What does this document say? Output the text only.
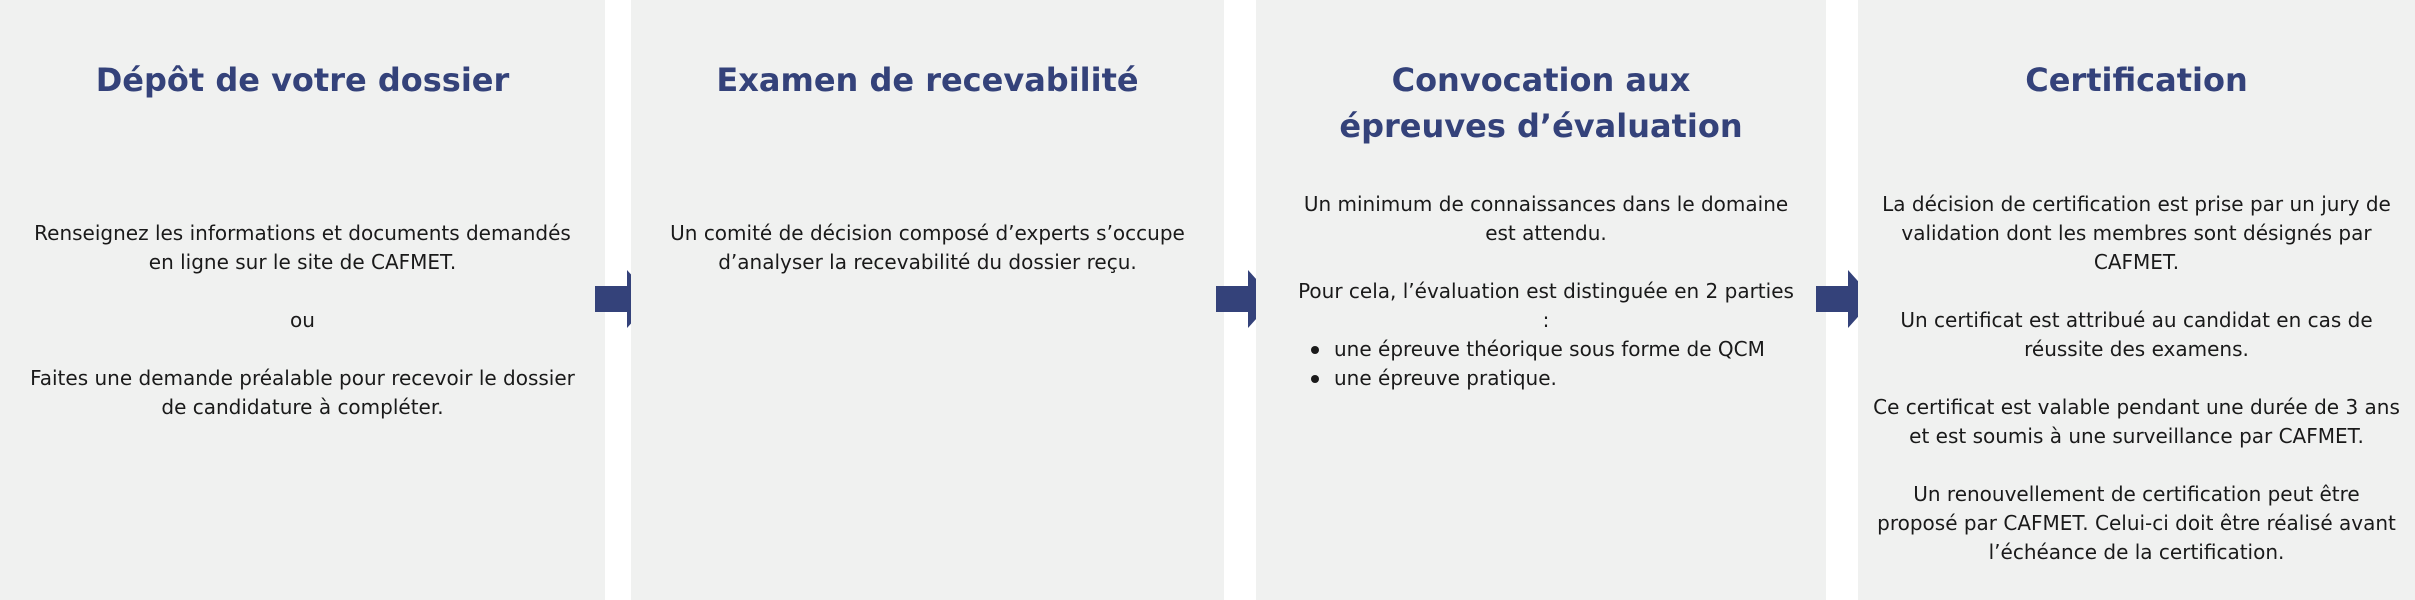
Dépôt de votre dossier

Renseignez les informations et documents demandés en ligne sur le site de CAFMET.

ou

Faites une demande préalable pour recevoir le dossier de candidature à compléter.

Examen de recevabilité

Un comité de décision composé d’experts s’occupe d’analyser la recevabilité du dossier reçu.

Convocation aux
épreuves d’évaluation

Un minimum de connaissances dans le domaine est attendu.

Pour cela, l’évaluation est distinguée en 2 parties :

une épreuve théorique sous forme de QCM
une épreuve pratique.
Certification

La décision de certification est prise par un jury de validation dont les membres sont désignés par CAFMET.

Un certificat est attribué au candidat en cas de réussite des examens.

Ce certificat est valable pendant une durée de 3 ans et est soumis à une surveillance par CAFMET.

Un renouvellement de certification peut être proposé par CAFMET. Celui-ci doit être réalisé avant l’échéance de la certification.
